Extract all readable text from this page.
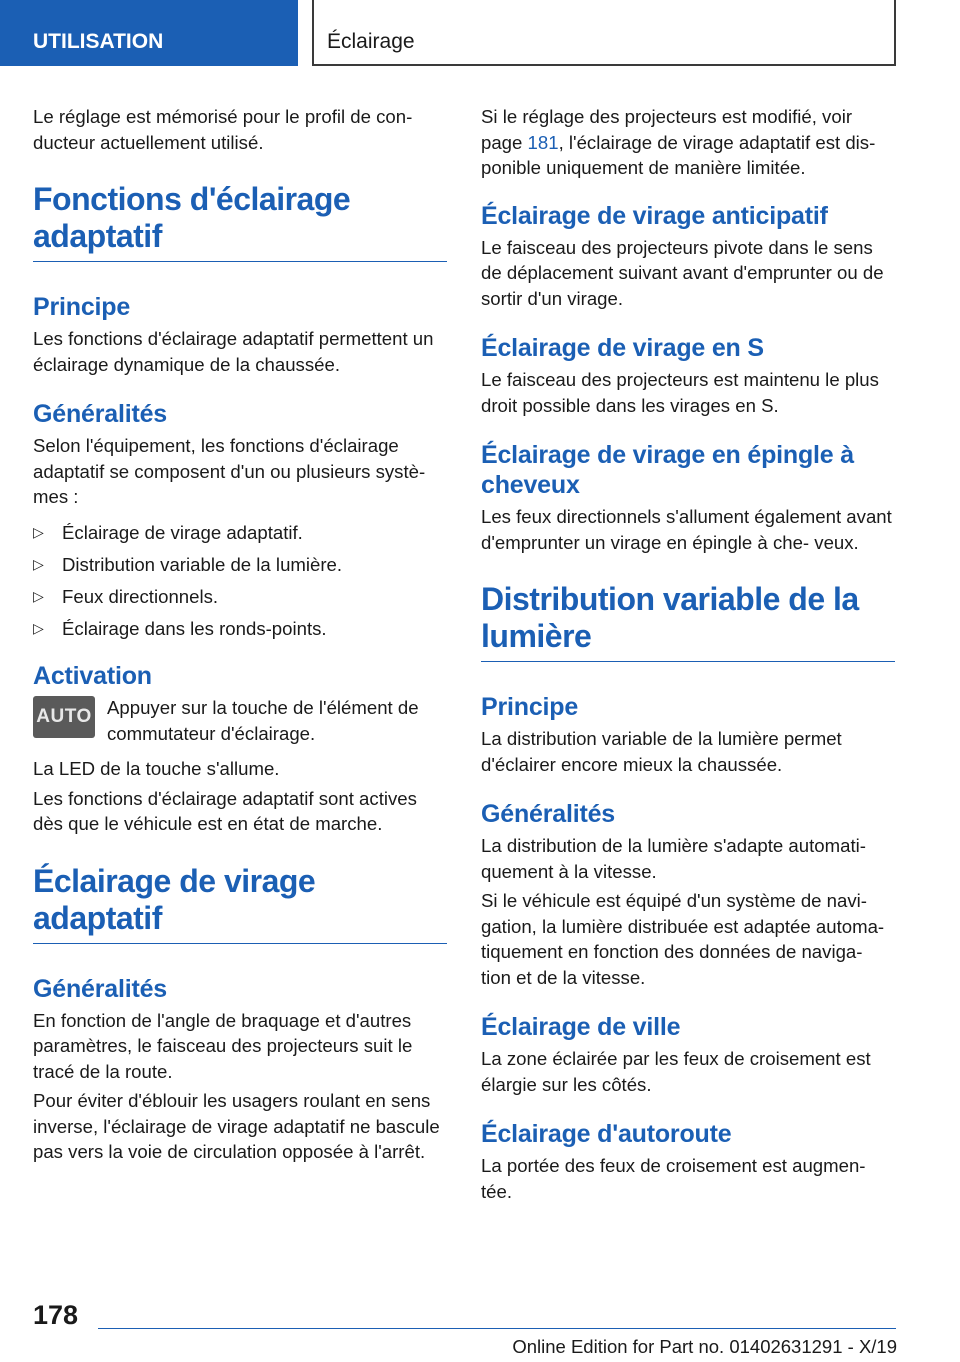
UTILISATION	Éclairage

Le réglage est mémorisé pour le profil de con- ducteur actuellement utilisé.

Fonctions d'éclairage adaptatif
Principe

Les fonctions d'éclairage adaptatif permettent un éclairage dynamique de la chaussée.

Généralités

Selon l'équipement, les fonctions d'éclairage adaptatif se composent d'un ou plusieurs systè- mes :

▷ Éclairage de virage adaptatif.
▷ Distribution variable de la lumière.
▷ Feux directionnels.
▷ Éclairage dans les ronds-points.
Activation
AUTO Appuyer sur la touche de l'élément de commutateur d'éclairage.

La LED de la touche s'allume.

Les fonctions d'éclairage adaptatif sont actives dès que le véhicule est en état de marche.

Éclairage de virage adaptatif
Généralités

En fonction de l'angle de braquage et d'autres paramètres, le faisceau des projecteurs suit le tracé de la route.

Pour éviter d'éblouir les usagers roulant en sens inverse, l'éclairage de virage adaptatif ne bascule pas vers la voie de circulation opposée à l'arrêt.

Si le réglage des projecteurs est modifié, voir page 181, l'éclairage de virage adaptatif est dis- ponible uniquement de manière limitée.

Éclairage de virage anticipatif

Le faisceau des projecteurs pivote dans le sens de déplacement suivant avant d'emprunter ou de sortir d'un virage.

Éclairage de virage en S

Le faisceau des projecteurs est maintenu le plus droit possible dans les virages en S.

Éclairage de virage en épingle à cheveux

Les feux directionnels s'allument également avant d'emprunter un virage en épingle à che- veux.

Distribution variable de la lumière
Principe

La distribution variable de la lumière permet d'éclairer encore mieux la chaussée.

Généralités

La distribution de la lumière s'adapte automati- quement à la vitesse.

Si le véhicule est équipé d'un système de navi- gation, la lumière distribuée est adaptée automa- tiquement en fonction des données de naviga- tion et de la vitesse.

Éclairage de ville

La zone éclairée par les feux de croisement est élargie sur les côtés.

Éclairage d'autoroute

La portée des feux de croisement est augmen- tée.

178
Online Edition for Part no. 01402631291 - X/19
